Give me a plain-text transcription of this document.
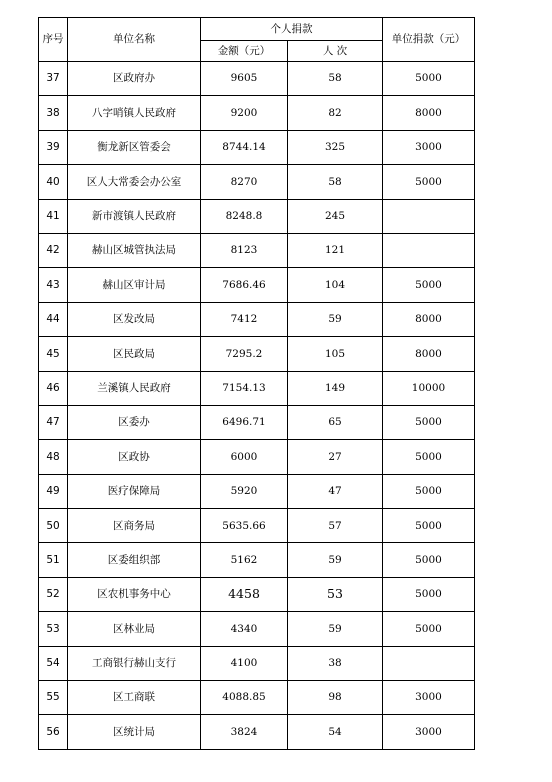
序号	单位名称	个人捐款		单位捐款（元）
		金额（元）	人 次	
37	区政府办	9605	58	5000
38	八字哨镇人民政府	9200	82	8000
39	衡龙新区管委会	8744.14	325	3000
40	区人大常委会办公室	8270	58	5000
41	新市渡镇人民政府	8248.8	245	
42	赫山区城管执法局	8123	121	
43	赫山区审计局	7686.46	104	5000
44	区发改局	7412	59	8000
45	区民政局	7295.2	105	8000
46	兰溪镇人民政府	7154.13	149	10000
47	区委办	6496.71	65	5000
48	区政协	6000	27	5000
49	医疗保障局	5920	47	5000
50	区商务局	5635.66	57	5000
51	区委组织部	5162	59	5000
52	区农机事务中心	4458	53	5000
53	区林业局	4340	59	5000
54	工商银行赫山支行	4100	38	
55	区工商联	4088.85	98	3000
56	区统计局	3824	54	3000
